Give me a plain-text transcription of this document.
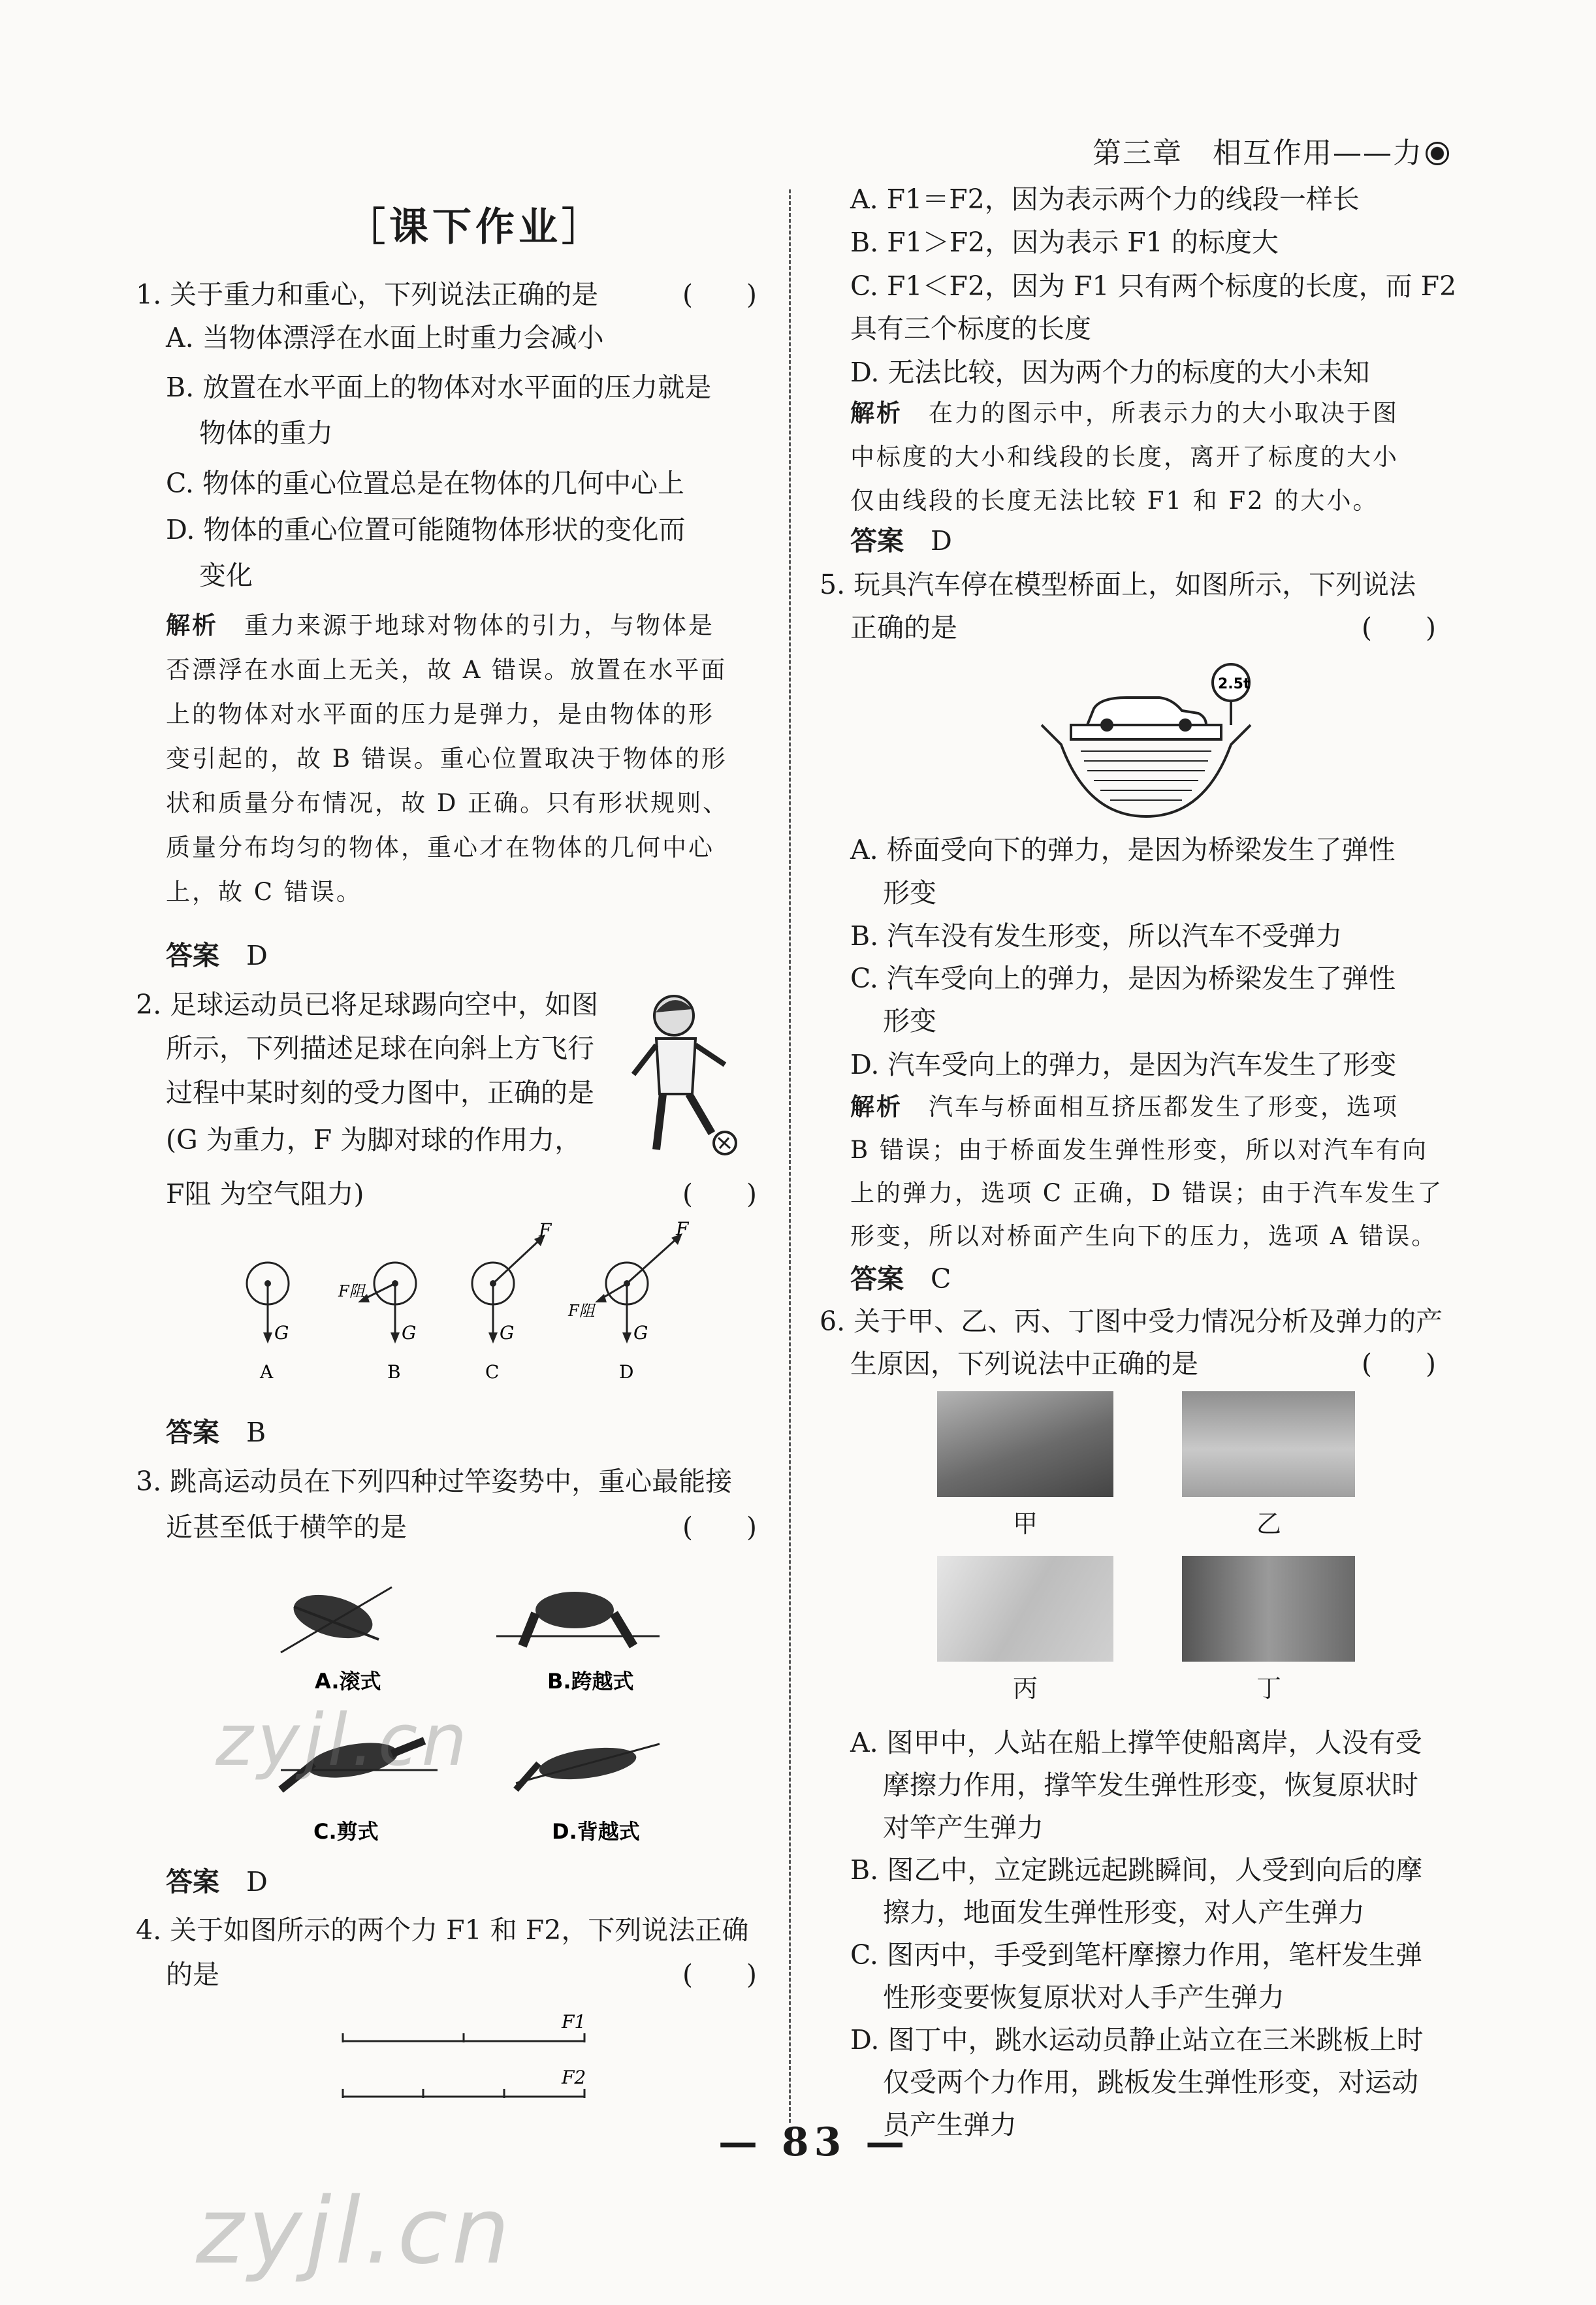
第三章　相互作用——力
［课下作业］
1. 关于重力和重心，下列说法正确的是	(　　)
A. 当物体漂浮在水面上时重力会减小
B. 放置在水平面上的物体对水平面的压力就是
物体的重力
C. 物体的重心位置总是在物体的几何中心上
D. 物体的重心位置可能随物体形状的变化而
变化
解析　 重力来源于地球对物体的引力，与物体是
否漂浮在水面上无关，故 A 错误。放置在水平面
上的物体对水平面的压力是弹力，是由物体的形
变引起的，故 B 错误。重心位置取决于物体的形
状和质量分布情况，故 D 正确。只有形状规则、
质量分布均匀的物体，重心才在物体的几何中心
上，故 C 错误。
答案　 D
2. 足球运动员已将足球踢向空中，如图
所示，下列描述足球在向斜上方飞行
过程中某时刻的受力图中，正确的是
(G 为重力，F 为脚对球的作用力，
F阻 为空气阻力)	(　　)
G
A
G
F阻
B
G
F
C
G
F
F阻
D
答案　 B
3. 跳高运动员在下列四种过竿姿势中，重心最能接
近甚至低于横竿的是	(　　)
A.滚式	B.跨越式
C.剪式	D.背越式
答案　 D
4. 关于如图所示的两个力 F1 和 F2，下列说法正确
的是	(　　)
F1
F2
A. F1＝F2，因为表示两个力的线段一样长
B. F1＞F2，因为表示 F1 的标度大
C. F1＜F2，因为 F1 只有两个标度的长度，而 F2
具有三个标度的长度
D. 无法比较，因为两个力的标度的大小未知
解析　 在力的图示中，所表示力的大小取决于图
中标度的大小和线段的长度，离开了标度的大小
仅由线段的长度无法比较 F1 和 F2 的大小。
答案　 D
5. 玩具汽车停在模型桥面上，如图所示，下列说法
正确的是	(　　)
2.5t
A. 桥面受向下的弹力，是因为桥梁发生了弹性
形变
B. 汽车没有发生形变，所以汽车不受弹力
C. 汽车受向上的弹力，是因为桥梁发生了弹性
形变
D. 汽车受向上的弹力，是因为汽车发生了形变
解析　 汽车与桥面相互挤压都发生了形变，选项
B 错误；由于桥面发生弹性形变，所以对汽车有向
上的弹力，选项 C 正确，D 错误；由于汽车发生了
形变，所以对桥面产生向下的压力，选项 A 错误。
答案　 C
6. 关于甲、乙、丙、丁图中受力情况分析及弹力的产
生原因，下列说法中正确的是	(　　)
甲	乙
丙	丁
A. 图甲中，人站在船上撑竿使船离岸，人没有受
摩擦力作用，撑竿发生弹性形变，恢复原状时
对竿产生弹力
B. 图乙中，立定跳远起跳瞬间，人受到向后的摩
擦力，地面发生弹性形变，对人产生弹力
C. 图丙中，手受到笔杆摩擦力作用，笔杆发生弹
性形变要恢复原状对人手产生弹力
D. 图丁中，跳水运动员静止站立在三米跳板上时
仅受两个力作用，跳板发生弹性形变，对运动
员产生弹力
— 83 —
zyjl.cn
zyjl.cn
